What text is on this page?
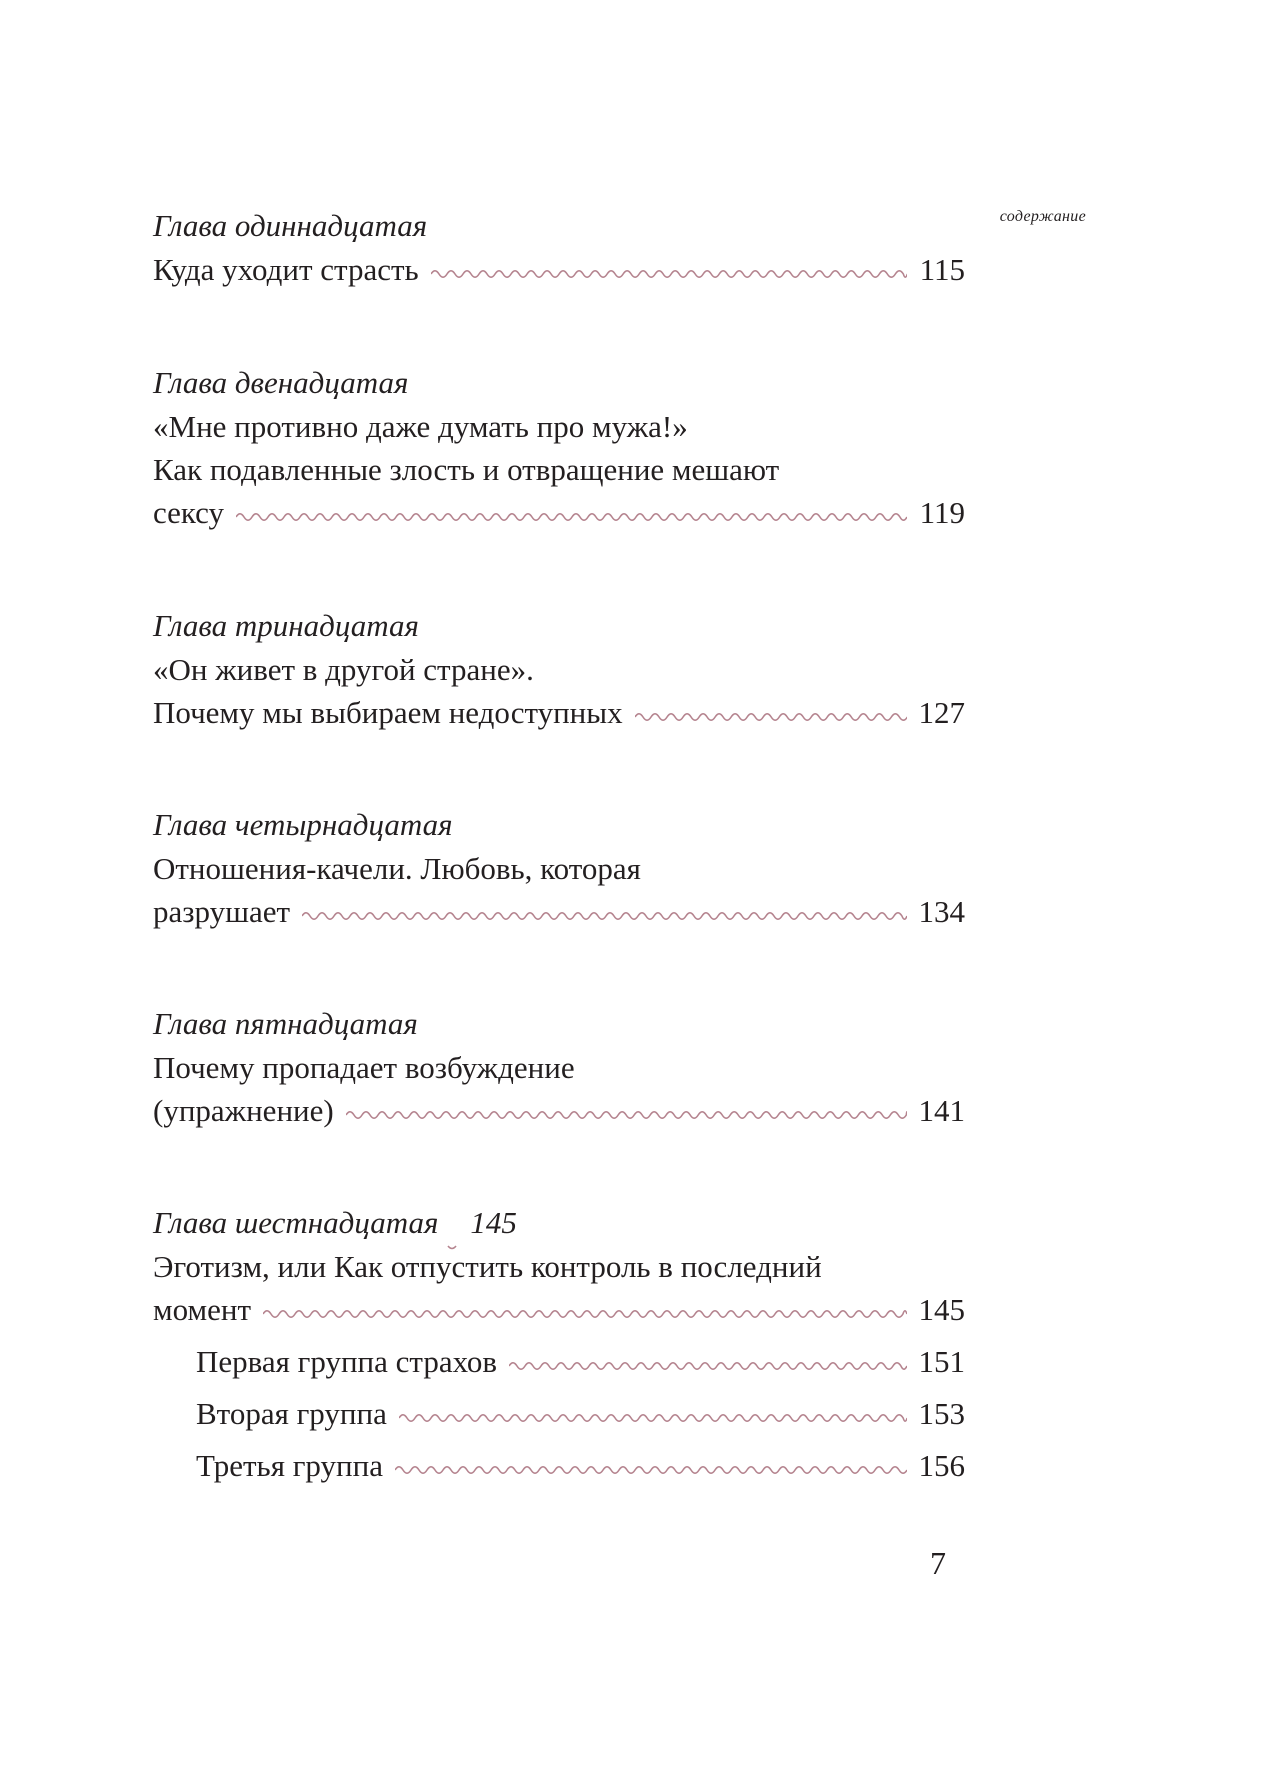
содержание
Глава одиннадцатая
Куда уходит страсть	115
Глава двенадцатая
«Мне противно даже думать про мужа!»
Как подавленные злость и отвращение мешают
сексу	119
Глава тринадцатая
«Он живет в другой стране».
Почему мы выбираем недоступных	127
Глава четырнадцатая
Отношения-качели. Любовь, которая
разрушает	134
Глава пятнадцатая
Почему пропадает возбуждение
(упражнение)	141
Глава шестнадцатая 145
Эготизм, или Как отпустить контроль в последний
момент	145
Первая группа страхов	151
Вторая группа	153
Третья группа	156
7
